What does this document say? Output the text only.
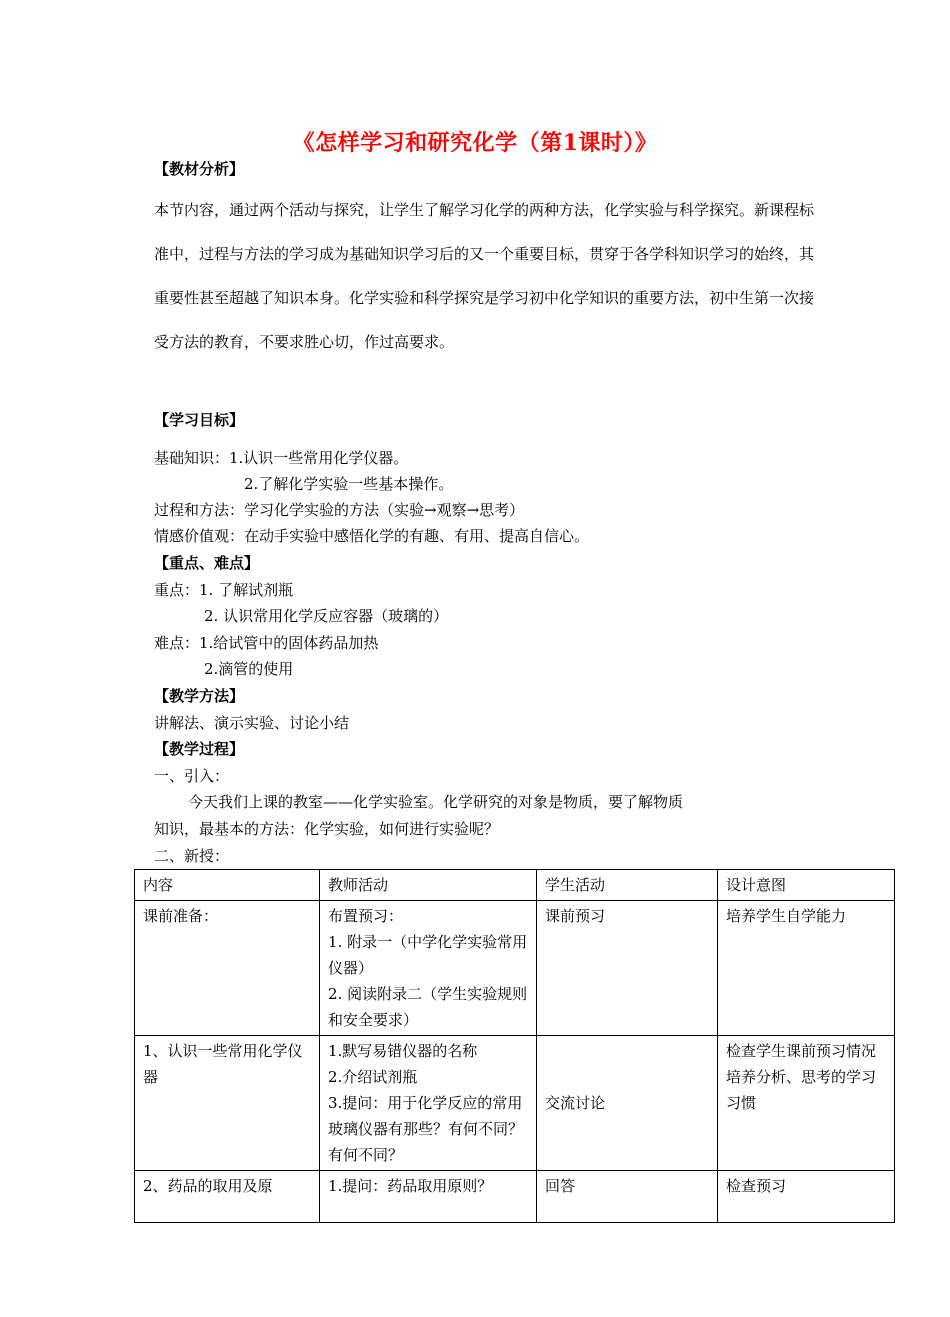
《怎样学习和研究化学（第1课时）》
【教材分析】
本节内容，通过两个活动与探究，让学生了解学习化学的两种方法，化学实验与科学探究。新课程标准中，过程与方法的学习成为基础知识学习后的又一个重要目标，贯穿于各学科知识学习的始终，其重要性甚至超越了知识本身。化学实验和科学探究是学习初中化学知识的重要方法，初中生第一次接受方法的教育，不要求胜心切，作过高要求。
【学习目标】
基础知识：1.认识一些常用化学仪器。
2.了解化学实验一些基本操作。
过程和方法：学习化学实验的方法（实验→观察→思考）
情感价值观：在动手实验中感悟化学的有趣、有用、提高自信心。
【重点、难点】
重点：1. 了解试剂瓶
2. 认识常用化学反应容器（玻璃的）
难点：1.给试管中的固体药品加热
2.滴管的使用
【教学方法】
讲解法、演示实验、讨论小结
【教学过程】
一、引入：
今天我们上课的教室——化学实验室。化学研究的对象是物质，要了解物质
知识，最基本的方法：化学实验，如何进行实验呢？
二、新授：
内容	教师活动	学生活动	设计意图
课前准备：	布置预习：
1. 附录一（中学化学实验常用仪器）
2. 阅读附录二（学生实验规则和安全要求）	课前预习	培养学生自学能力

1、认识一些常用化学仪器	1.默写易错仪器的名称
2.介绍试剂瓶
3.提问：用于化学反应的常用玻璃仪器有那些？有何不同？有何不同？	交流讨论	检查学生课前预习情况
培养分析、思考的学习习惯

2、药品的取用及原	1.提问：药品取用原则？	回答	检查预习
